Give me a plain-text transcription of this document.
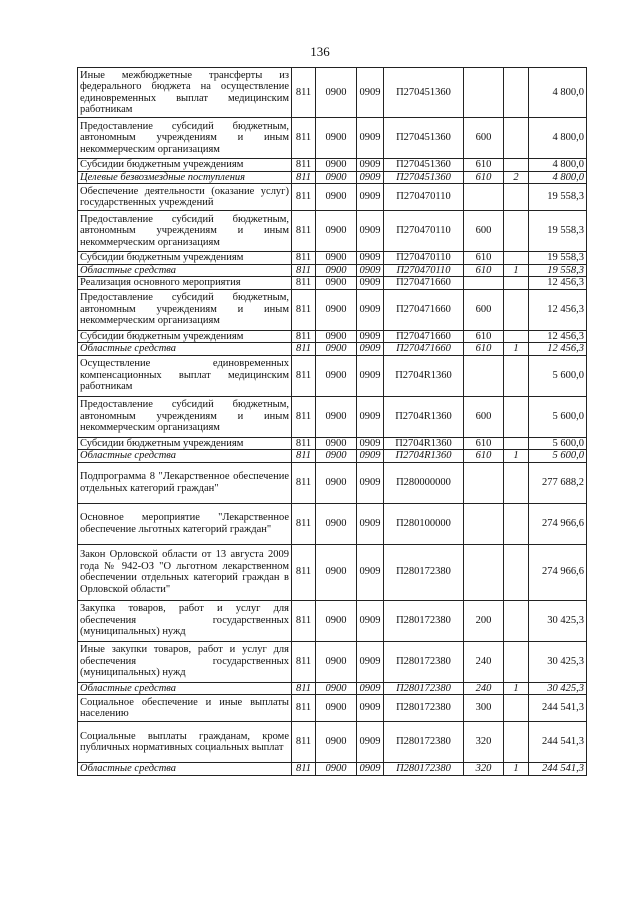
136
Иные межбюджетные трансферты из федерального бюджета на осуществление единовременных выплат медицинским работникам	811	0900	0909	П270451360			4 800,0
Предоставление субсидий бюджетным, автономным учреждениям и иным некоммерческим организациям	811	0900	0909	П270451360	600		4 800,0
Субсидии бюджетным учреждениям	811	0900	0909	П270451360	610		4 800,0
Целевые безвозмездные поступления	811	0900	0909	П270451360	610	2	4 800,0
Обеспечение деятельности (оказание услуг) государственных учреждений	811	0900	0909	П270470110			19 558,3
Предоставление субсидий бюджетным, автономным учреждениям и иным некоммерческим организациям	811	0900	0909	П270470110	600		19 558,3
Субсидии бюджетным учреждениям	811	0900	0909	П270470110	610		19 558,3
Областные средства	811	0900	0909	П270470110	610	1	19 558,3
Реализация основного мероприятия	811	0900	0909	П270471660			12 456,3
Предоставление субсидий бюджетным, автономным учреждениям и иным некоммерческим организациям	811	0900	0909	П270471660	600		12 456,3
Субсидии бюджетным учреждениям	811	0900	0909	П270471660	610		12 456,3
Областные средства	811	0900	0909	П270471660	610	1	12 456,3
Осуществление единовременных компенсационных выплат медицинским работникам	811	0900	0909	П2704R1360			5 600,0
Предоставление субсидий бюджетным, автономным учреждениям и иным некоммерческим организациям	811	0900	0909	П2704R1360	600		5 600,0
Субсидии бюджетным учреждениям	811	0900	0909	П2704R1360	610		5 600,0
Областные средства	811	0900	0909	П2704R1360	610	1	5 600,0
Подпрограмма 8 "Лекарственное обеспечение отдельных категорий граждан"	811	0900	0909	П280000000			277 688,2
Основное мероприятие "Лекарственное обеспечение льготных категорий граждан"	811	0900	0909	П280100000			274 966,6
Закон Орловской области от 13 августа 2009 года № 942-ОЗ "О льготном лекарственном обеспечении отдельных категорий граждан в Орловской области"	811	0900	0909	П280172380			274 966,6
Закупка товаров, работ и услуг для обеспечения государственных (муниципальных) нужд	811	0900	0909	П280172380	200		30 425,3
Иные закупки товаров, работ и услуг для обеспечения государственных (муниципальных) нужд	811	0900	0909	П280172380	240		30 425,3
Областные средства	811	0900	0909	П280172380	240	1	30 425,3
Социальное обеспечение и иные выплаты населению	811	0900	0909	П280172380	300		244 541,3
Социальные выплаты гражданам, кроме публичных нормативных социальных выплат	811	0900	0909	П280172380	320		244 541,3
Областные средства	811	0900	0909	П280172380	320	1	244 541,3
